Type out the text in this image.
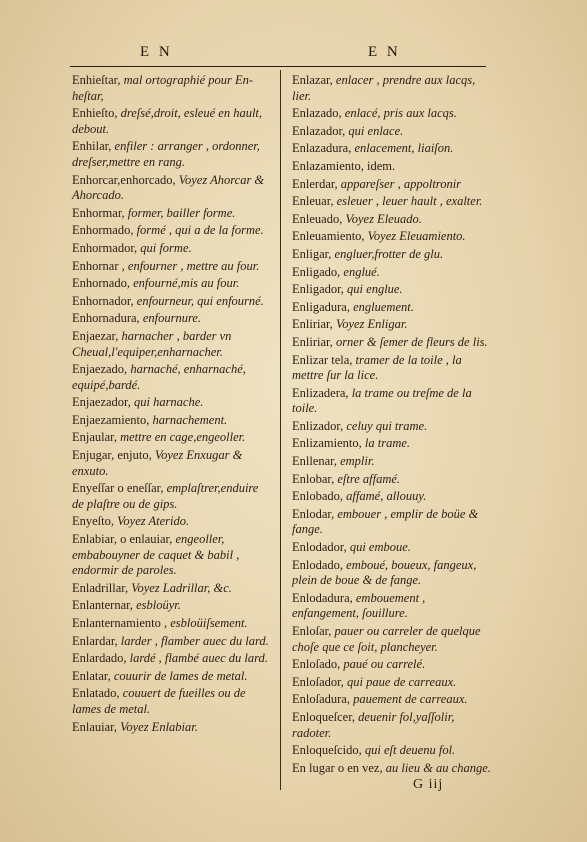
E N	E N
Enhieſtar, mal ortographié pour En-heſtar,
Enhieſto, dreſsé,droit, esleué en hault, debout.
Enhilar, enfiler : arranger , ordonner, dreſser,mettre en rang.
Enhorcar,enhorcado, Voyez Ahorcar & Ahorcado.
Enhormar, former, bailler forme.
Enhormado, formé , qui a de la forme.
Enhormador, qui forme.
Enhornar , enfourner , mettre au four.
Enhornado, enfourné,mis au four.
Enhornador, enfourneur, qui enfourné.
Enhornadura, enfournure.
Enjaezar, harnacher , barder vn Cheual,l'equiper,enharnacher.
Enjaezado, harnaché, enharnaché, equipé,bardé.
Enjaezador, qui harnache.
Enjaezamiento, harnachement.
Enjaular, mettre en cage,engeoller.
Enjugar, enjuto, Voyez Enxugar & enxuto.
Enyeſſar o eneſſar, emplaſtrer,enduire de plaſtre ou de gips.
Enyeſto, Voyez Aterido.
Enlabiar, o enlauiar, engeoller, embabouyner de caquet & babil , endormir de paroles.
Enladrillar, Voyez Ladrillar, &c.
Enlanternar, esbloüyr.
Enlanternamiento , esbloüiſsement.
Enlardar, larder , flamber auec du lard.
Enlardado, lardé , flambé auec du lard.
Enlatar, couurir de lames de metal.
Enlatado, couuert de fueilles ou de lames de metal.
Enlauiar, Voyez Enlabiar.
Enlazar, enlacer , prendre aux lacqs, lier.
Enlazado, enlacé, pris aux lacqs.
Enlazador, qui enlace.
Enlazadura, enlacement, liaiſon.
Enlazamiento, idem.
Enlerdar, appareſser , appoltronir
Enleuar, esleuer , leuer hault , exalter.
Enleuado, Voyez Eleuado.
Enleuamiento, Voyez Eleuamiento.
Enligar, engluer,frotter de glu.
Enligado, englué.
Enligador, qui englue.
Enligadura, engluement.
Enliriar, Voyez Enligar.
Enliriar, orner & ſemer de fleurs de lis.
Enlizar tela, tramer de la toile , la mettre ſur la lice.
Enlizadera, la trame ou treſme de la toile.
Enlizador, celuy qui trame.
Enlizamiento, la trame.
Enllenar, emplir.
Enlobar, eſtre affamé.
Enlobado, affamé, allouuy.
Enlodar, embouer , emplir de boüe & fange.
Enlodador, qui emboue.
Enlodado, emboué, boueux, fangeux, plein de boue & de fange.
Enlodadura, embouement , enfangement, ſouillure.
Enloſar, pauer ou carreler de quelque choſe que ce ſoit, plancheyer.
Enloſado, paué ou carrelé.
Enloſador, qui paue de carreaux.
Enloſadura, pauement de carreaux.
Enloqueſcer, deuenir fol,yaſſolir, radoter.
Enloqueſcido, qui eſt deuenu fol.
En lugar o en vez, au lieu & au change.
G iij
